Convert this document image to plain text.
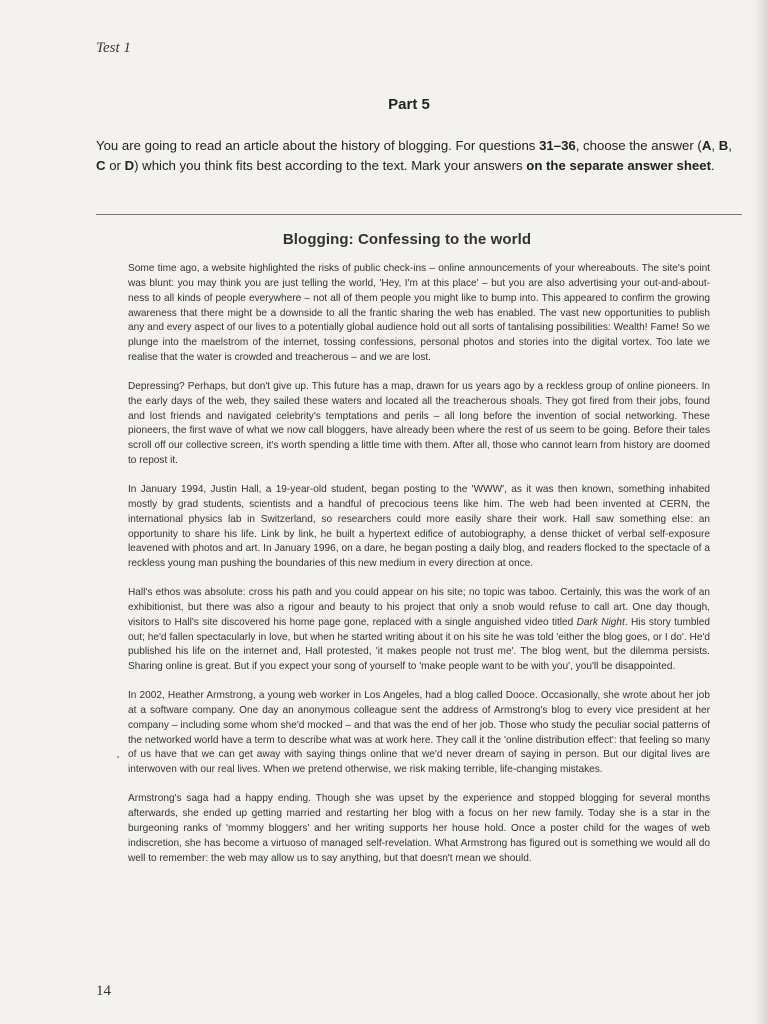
Test 1
Part 5
You are going to read an article about the history of blogging. For questions 31–36, choose the answer (A, B, C or D) which you think fits best according to the text. Mark your answers on the separate answer sheet.
Blogging: Confessing to the world

Some time ago, a website highlighted the risks of public check-ins – online announcements of your whereabouts. The site's point was blunt: you may think you are just telling the world, 'Hey, I'm at this place' – but you are also advertising your out-and-about-ness to all kinds of people everywhere – not all of them people you might like to bump into. This appeared to confirm the growing awareness that there might be a downside to all the frantic sharing the web has enabled. The vast new opportunities to publish any and every aspect of our lives to a potentially global audience hold out all sorts of tantalising possibilities: Wealth! Fame! So we plunge into the maelstrom of the internet, tossing confessions, personal photos and stories into the digital vortex. Too late we realise that the water is crowded and treacherous – and we are lost.

Depressing? Perhaps, but don't give up. This future has a map, drawn for us years ago by a reckless group of online pioneers. In the early days of the web, they sailed these waters and located all the treacherous shoals. They got fired from their jobs, found and lost friends and navigated celebrity's temptations and perils – all long before the invention of social networking. These pioneers, the first wave of what we now call bloggers, have already been where the rest of us seem to be going. Before their tales scroll off our collective screen, it's worth spending a little time with them. After all, those who cannot learn from history are doomed to repost it.

In January 1994, Justin Hall, a 19-year-old student, began posting to the 'WWW', as it was then known, something inhabited mostly by grad students, scientists and a handful of precocious teens like him. The web had been invented at CERN, the international physics lab in Switzerland, so researchers could more easily share their work. Hall saw something else: an opportunity to share his life. Link by link, he built a hypertext edifice of autobiography, a dense thicket of verbal self-exposure leavened with photos and art. In January 1996, on a dare, he began posting a daily blog, and readers flocked to the spectacle of a reckless young man pushing the boundaries of this new medium in every direction at once.

Hall's ethos was absolute: cross his path and you could appear on his site; no topic was taboo. Certainly, this was the work of an exhibitionist, but there was also a rigour and beauty to his project that only a snob would refuse to call art. One day though, visitors to Hall's site discovered his home page gone, replaced with a single anguished video titled Dark Night. His story tumbled out; he'd fallen spectacularly in love, but when he started writing about it on his site he was told 'either the blog goes, or I do'. He'd published his life on the internet and, Hall protested, 'it makes people not trust me'. The blog went, but the dilemma persists. Sharing online is great. But if you expect your song of yourself to 'make people want to be with you', you'll be disappointed.

In 2002, Heather Armstrong, a young web worker in Los Angeles, had a blog called Dooce. Occasionally, she wrote about her job at a software company. One day an anonymous colleague sent the address of Armstrong's blog to every vice president at her company – including some whom she'd mocked – and that was the end of her job. Those who study the peculiar social patterns of the networked world have a term to describe what was at work here. They call it the 'online distribution effect': that feeling so many of us have that we can get away with saying things online that we'd never dream of saying in person. But our digital lives are interwoven with our real lives. When we pretend otherwise, we risk making terrible, life-changing mistakes.

Armstrong's saga had a happy ending. Though she was upset by the experience and stopped blogging for several months afterwards, she ended up getting married and restarting her blog with a focus on her new family. Today she is a star in the burgeoning ranks of 'mommy bloggers' and her writing supports her house hold. Once a poster child for the wages of web indiscretion, she has become a virtuoso of managed self-revelation. What Armstrong has figured out is something we would all do well to remember: the web may allow us to say anything, but that doesn't mean we should.

14
